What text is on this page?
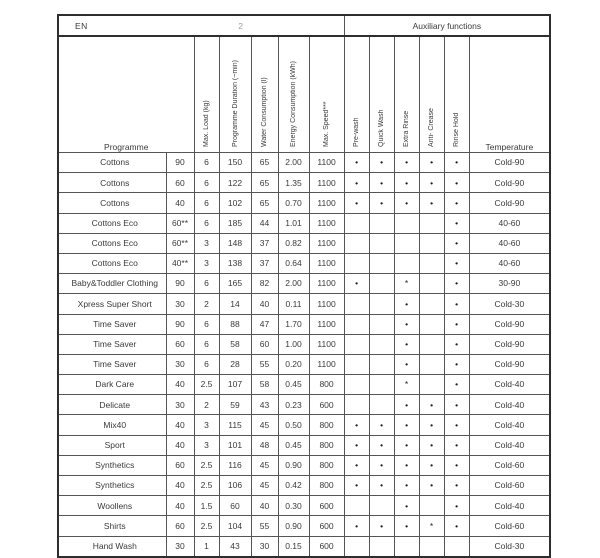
EN 2							Auxiliary functions					
Programme		Max. Load (kg)	Programme Duration (~min)	Water Consumption (l)	Energy Consumption (kWh)	Max. Speed***	Pre-wash	Quick Wash	Extra Rinse	Anti- Crease	Rinse Hold	Temperature
Cottons	90	6	150	65	2.00	1100	•	•	•	•	•	Cold-90
Cottons	60	6	122	65	1.35	1100	•	•	•	•	•	Cold-90
Cottons	40	6	102	65	0.70	1100	•	•	•	•	•	Cold-90
Cottons Eco	60**	6	185	44	1.01	1100					•	40-60
Cottons Eco	60**	3	148	37	0.82	1100					•	40-60
Cottons Eco	40**	3	138	37	0.64	1100					•	40-60
Baby&Toddler Clothing	90	6	165	82	2.00	1100	•		*		•	30-90
Xpress Super Short	30	2	14	40	0.11	1100			•		•	Cold-30
Time Saver	90	6	88	47	1.70	1100			•		•	Cold-90
Time Saver	60	6	58	60	1.00	1100			•		•	Cold-90
Time Saver	30	6	28	55	0.20	1100			•		•	Cold-90
Dark Care	40	2.5	107	58	0.45	800			*		•	Cold-40
Delicate	30	2	59	43	0.23	600			•	•	•	Cold-40
Mix40	40	3	115	45	0.50	800	•	•	•	•	•	Cold-40
Sport	40	3	101	48	0.45	800	•	•	•	•	•	Cold-40
Synthetics	60	2.5	116	45	0.90	800	•	•	•	•	•	Cold-60
Synthetics	40	2.5	106	45	0.42	800	•	•	•	•	•	Cold-60
Woollens	40	1.5	60	40	0.30	600			•		•	Cold-40
Shirts	60	2.5	104	55	0.90	600	•	•	•	*	•	Cold-60
Hand Wash	30	1	43	30	0.15	600						Cold-30
